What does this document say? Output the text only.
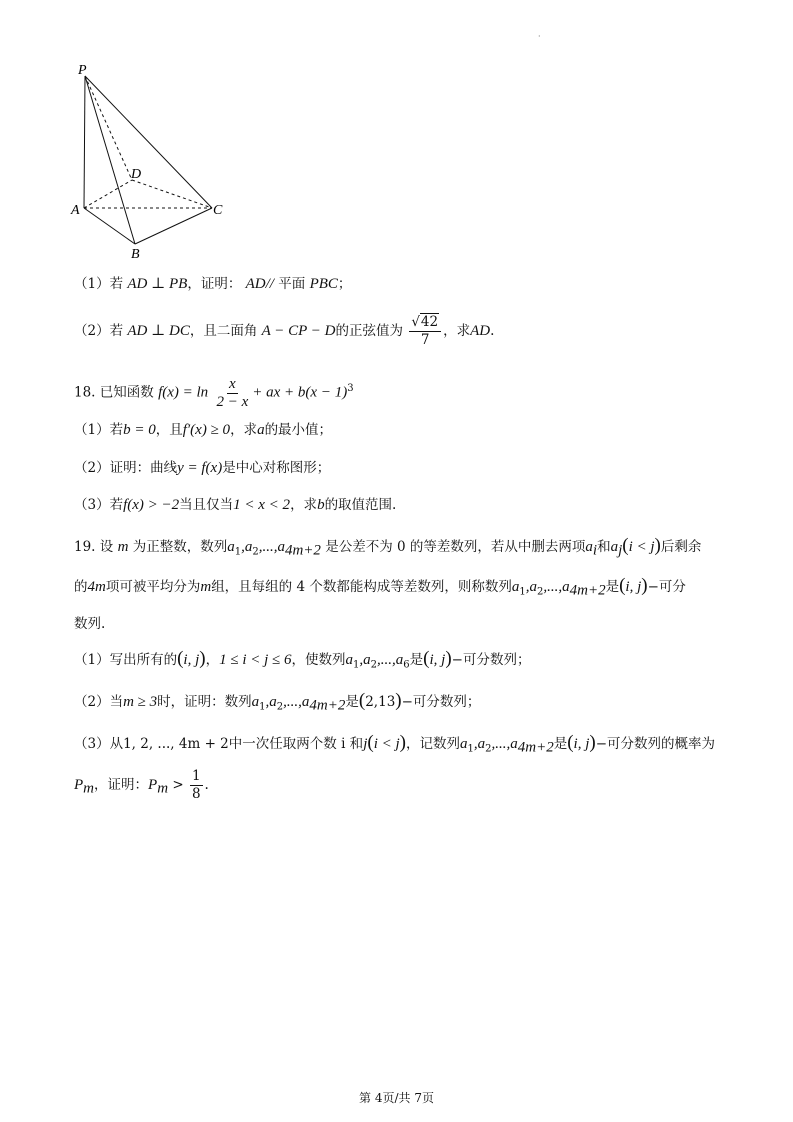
·
P
D
A	C
B
（1）若 AD ⊥ PB，证明： AD// 平面 PBC；
（2）若 AD ⊥ DC，且二面角 A − CP − D的正弦值为 $\frac{√42}{7}$ ，求AD.
18. 已知函数 $f(x) = \ln \frac{x}{2 - x}$ + ax + $b(x - 1)^3$
（1）若b = 0，且f′(x) ≥ 0，求a的最小值；
（2）证明：曲线y = f(x)是中心对称图形；
（3）若f(x) > −2当且仅当1 < x < 2，求b的取值范围.
19. 设 m 为正整数，数列$a_1,a_2,...,a_{4m+2}$ 是公差不为 0 的等差数列，若从中删去两项$a_i$和$a_j(i < j)$后剩余
的4m项可被平均分为m组，且每组的 4 个数都能构成等差数列，则称数列$a_1,a_2,...,a_{4m+2}$是(i, j)−可分
数列.
（1）写出所有的(i, j)，1 ≤ i < j ≤ 6，使数列$a_1,a_2,...,a_6$是(i, j)−可分数列；
（2）当m ≥ 3时，证明：数列$a_1,a_2,...,a_{4m+2}$是(2,13)−可分数列；
（3）从1, 2, ..., 4m + 2中一次任取两个数 i 和j(i < j)，记数列$a_1,a_2,...,a_{4m+2}$是(i, j)−可分数列的概率为
$P_m$，证明：$P_m > \frac{1}{8}$ .
第 4页/共 7页
